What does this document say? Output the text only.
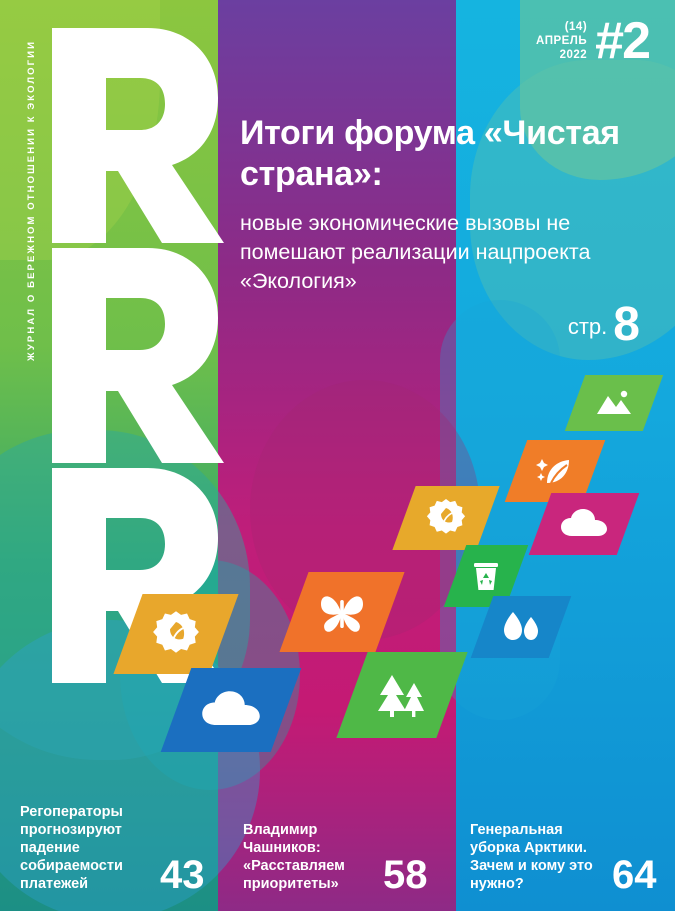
ЖУРНАЛ О БЕРЕЖНОМ ОТНОШЕНИИ К ЭКОЛОГИИ
(14)
АПРЕЛЬ
2022 #2
Итоги форума «Чистая страна»:
новые экономические вызовы не помешают реализации нацпроекта «Экология»
стр. 8
Регоператоры прогнозируют падение собираемости платежей	43
Владимир Чашников: «Расставляем приоритеты»	58
Генеральная уборка Арктики. Зачем и кому это нужно?	64
